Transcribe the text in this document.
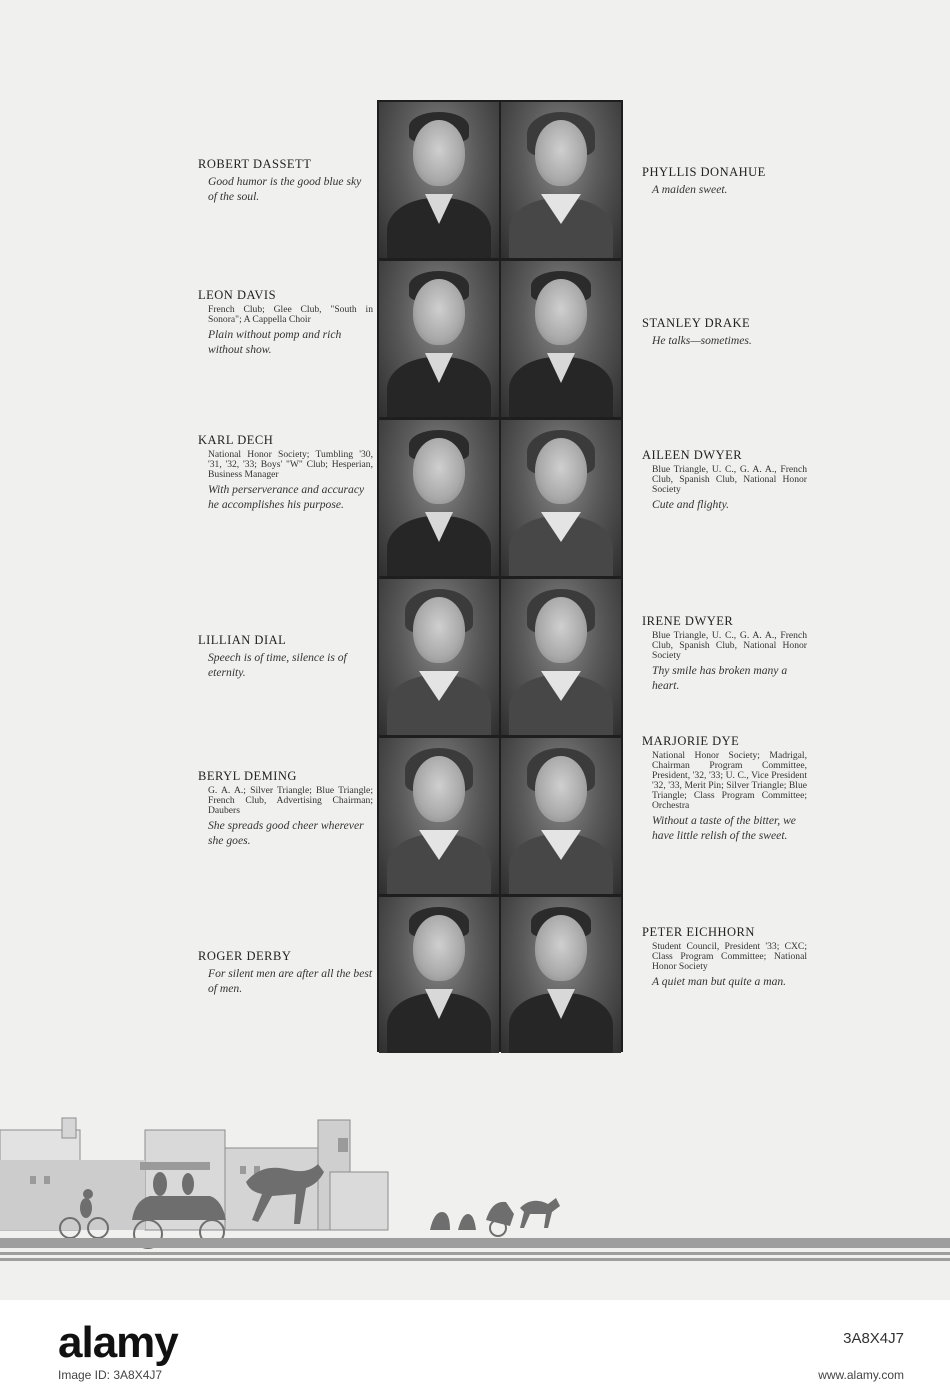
ROBERT DASSETT
Good humor is the good blue sky of the soul.
LEON DAVIS
French Club; Glee Club, "South in Sonora"; A Cappella Choir
Plain without pomp and rich without show.
KARL DECH
National Honor Society; Tumbling '30, '31, '32, '33; Boys' "W" Club; Hesperian, Business Manager
With perserverance and accuracy he accomplishes his purpose.
LILLIAN DIAL
Speech is of time, silence is of eternity.
BERYL DEMING
G. A. A.; Silver Triangle; Blue Triangle; French Club, Advertising Chairman; Daubers
She spreads good cheer wherever she goes.
ROGER DERBY
For silent men are after all the best of men.
PHYLLIS DONAHUE
A maiden sweet.
STANLEY DRAKE
He talks—sometimes.
AILEEN DWYER
Blue Triangle, U. C., G. A. A., French Club, Spanish Club, National Honor Society
Cute and flighty.
IRENE DWYER
Blue Triangle, U. C., G. A. A., French Club, Spanish Club, National Honor Society
Thy smile has broken many a heart.
MARJORIE DYE
National Honor Society; Madrigal, Chairman Program Committee, President, '32, '33; U. C., Vice President '32, '33, Merit Pin; Silver Triangle; Blue Triangle; Class Program Committee; Orchestra
Without a taste of the bitter, we have little relish of the sweet.
PETER EICHHORN
Student Council, President '33; CXC; Class Program Committee; National Honor Society
A quiet man but quite a man.
alamy
Image ID: 3A8X4J7
3A8X4J7
www.alamy.com
